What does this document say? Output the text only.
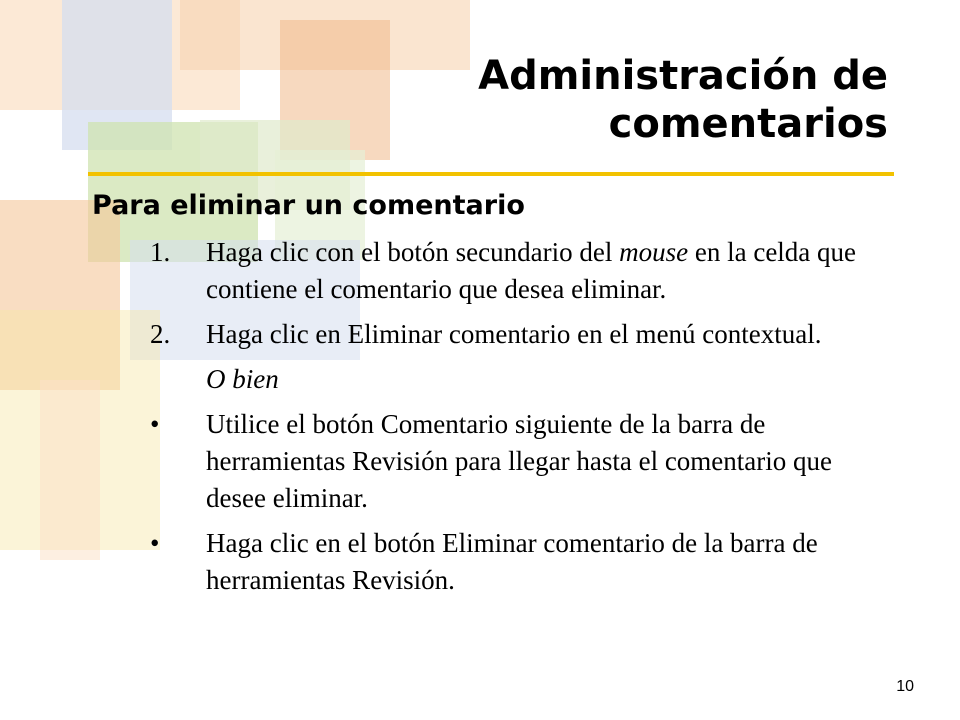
Administración de
comentarios
Para eliminar un comentario
1.	Haga clic con el botón secundario del mouse en la celda que contiene el comentario que desea eliminar.
2.	Haga clic en Eliminar comentario en el menú contextual.
O bien
•	Utilice el botón Comentario siguiente de la barra de herramientas Revisión para llegar hasta el comentario que desee eliminar.
•	Haga clic en el botón Eliminar comentario de la barra de herramientas Revisión.
10
